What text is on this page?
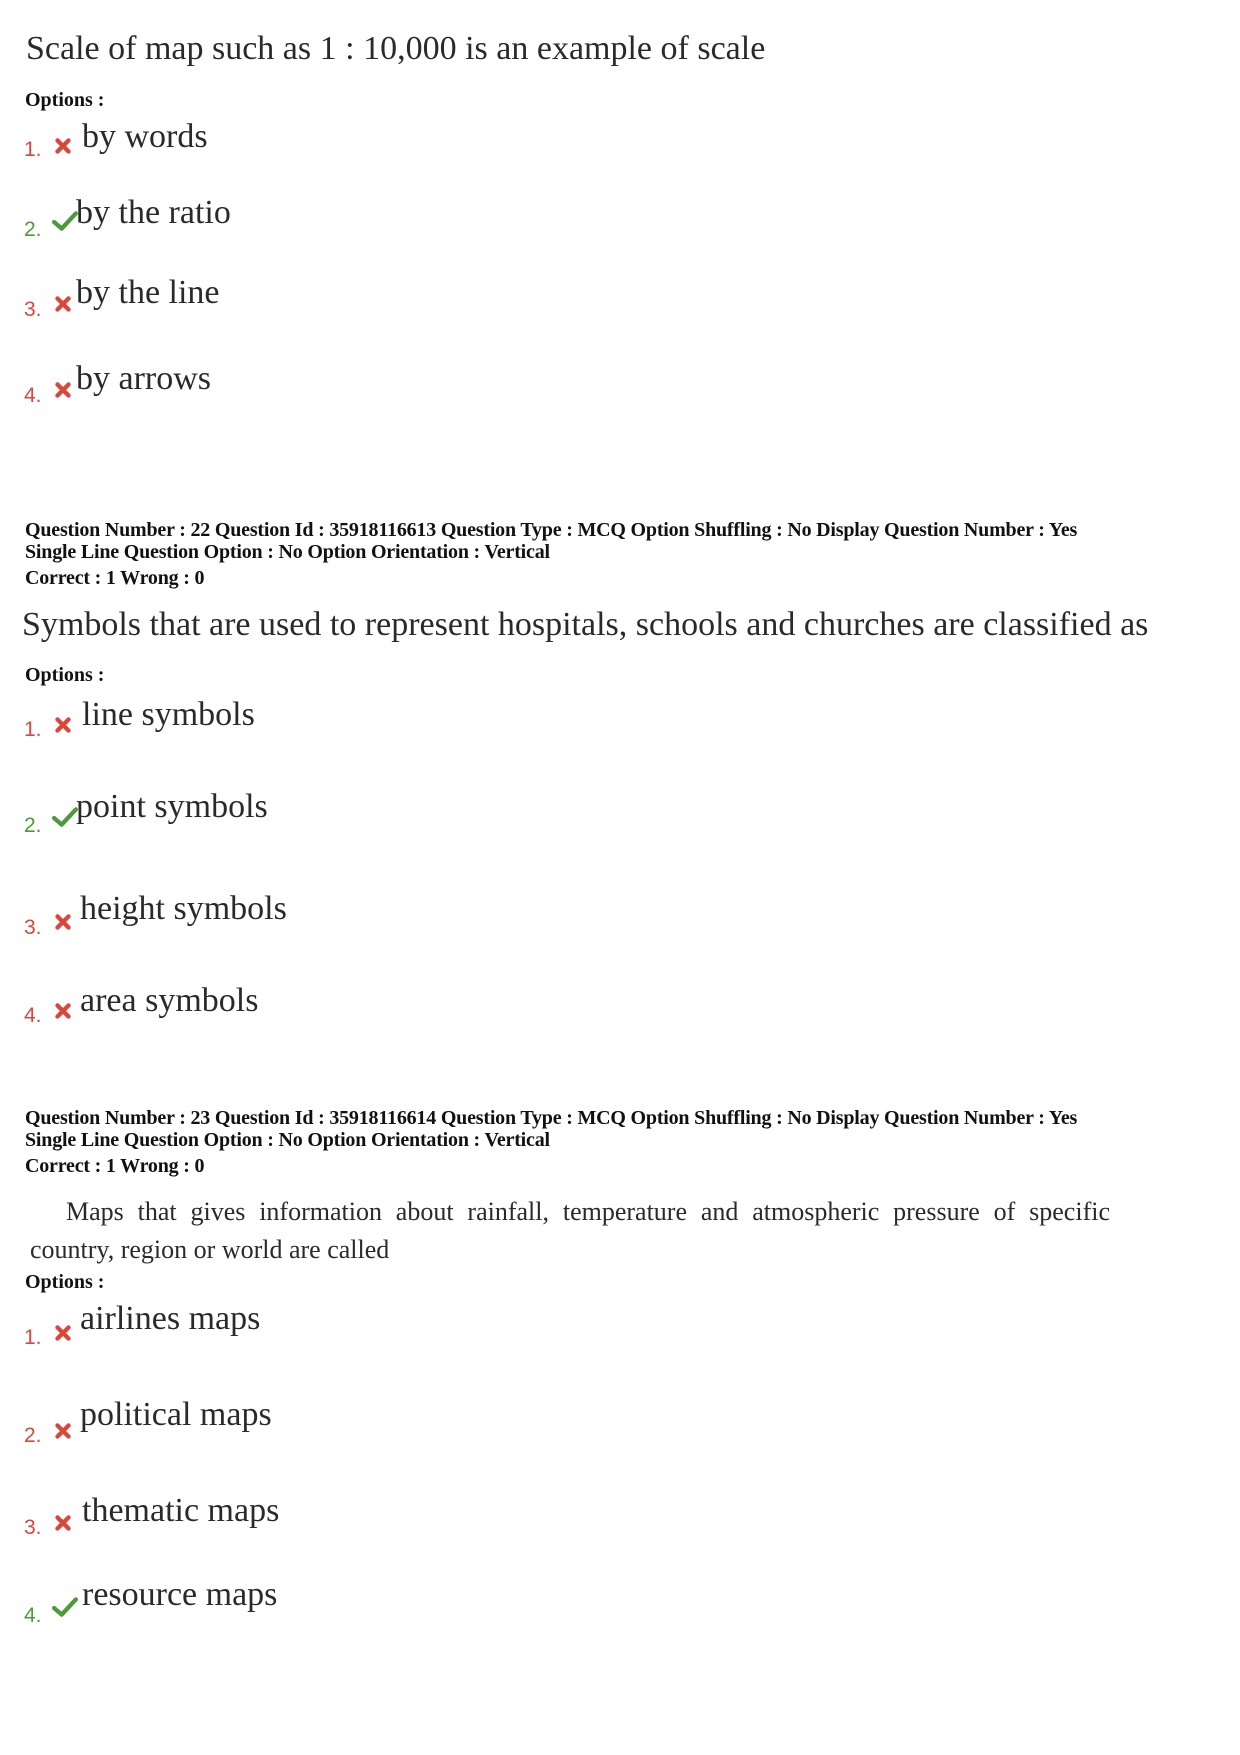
Scale of map such as 1 : 10,000 is an example of scale
Options :
1. by words
2. by the ratio
3. by the line
4. by arrows
Question Number : 22 Question Id : 35918116613 Question Type : MCQ Option Shuffling : No Display Question Number : Yes
Single Line Question Option : No Option Orientation : Vertical
Correct : 1 Wrong : 0
Symbols that are used to represent hospitals, schools and churches are classified as
Options :
1. line symbols
2.
point symbols
3.
height symbols
4. area symbols
Question Number : 23 Question Id : 35918116614 Question Type : MCQ Option Shuffling : No Display Question Number : Yes
Single Line Question Option : No Option Orientation : Vertical
Correct : 1 Wrong : 0
Maps that gives information about rainfall, temperature and atmospheric pressure of specific country, region or world are called
Options :
1.
airlines maps
2.
political maps
3. thematic maps
4.
resource maps
